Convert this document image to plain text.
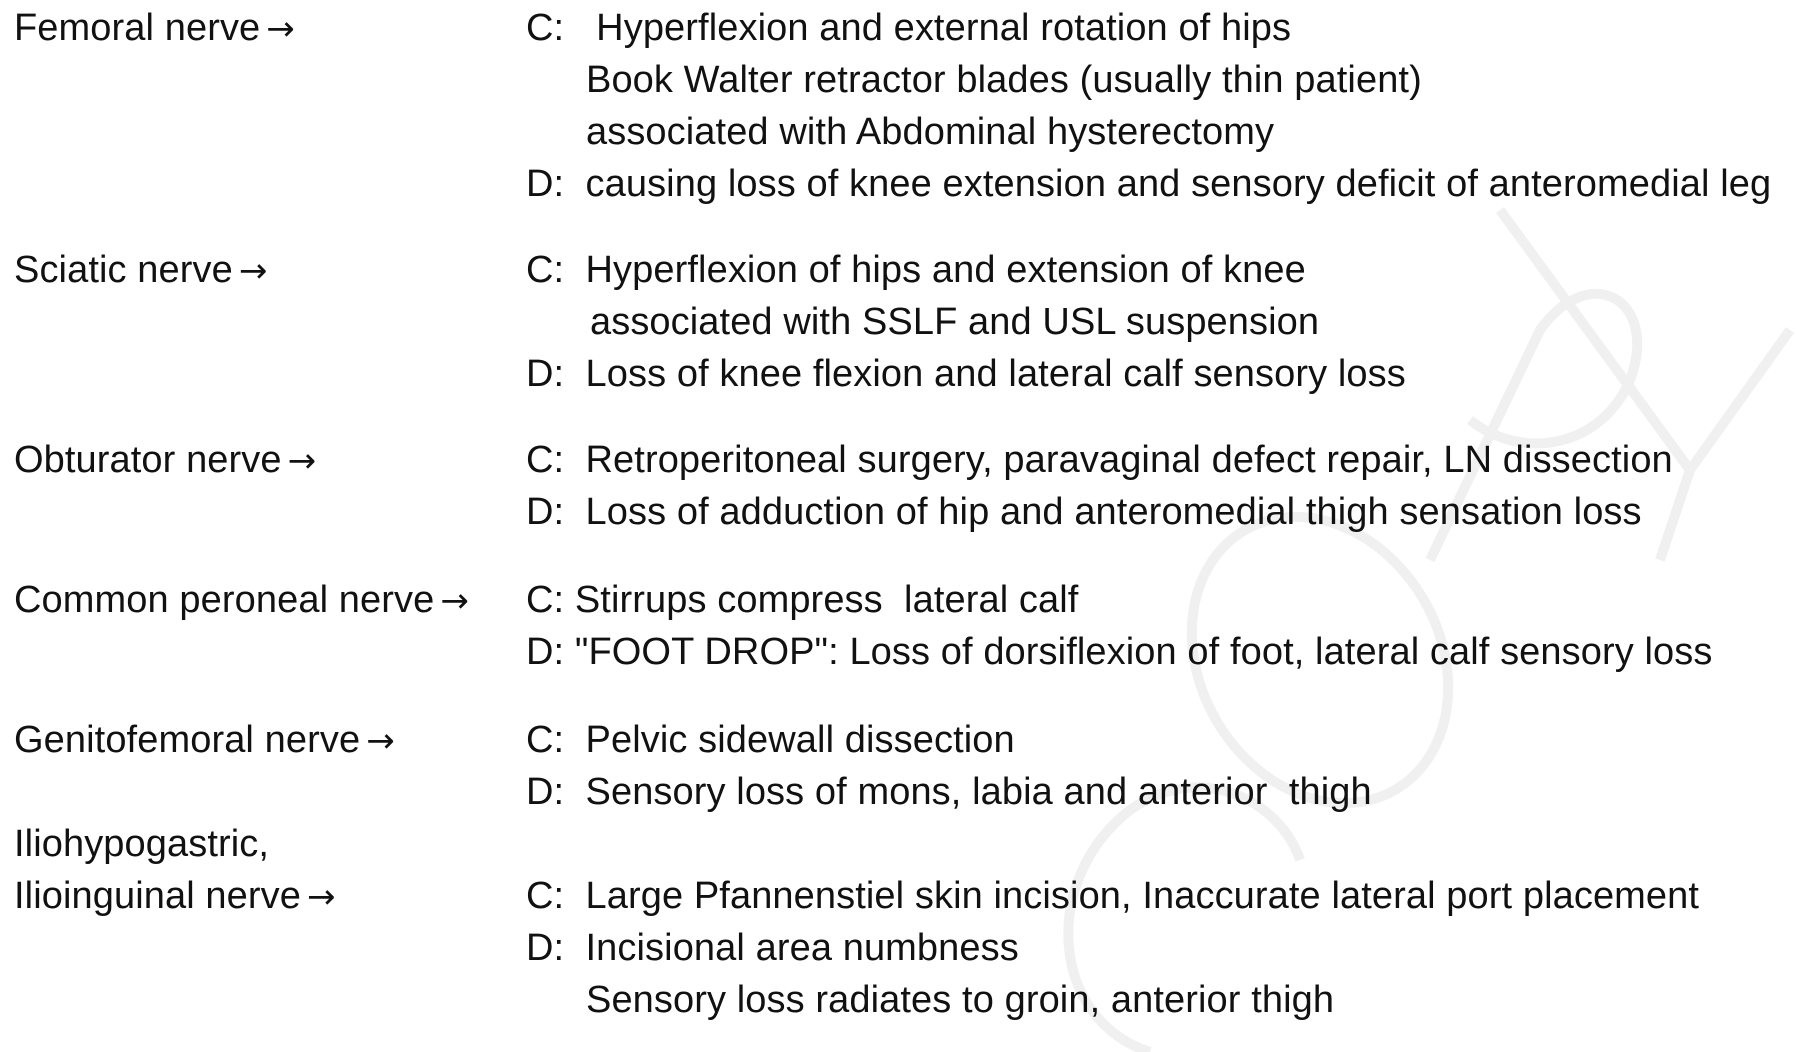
Femoral nerve →	C:   Hyperflexion and external rotation of hips
Book Walter retractor blades (usually thin patient)
associated with Abdominal hysterectomy
D:  causing loss of knee extension and sensory deficit of anteromedial leg
Sciatic nerve →	C:  Hyperflexion of hips and extension of knee
associated with SSLF and USL suspension
D:  Loss of knee flexion and lateral calf sensory loss
Obturator nerve →	C:  Retroperitoneal surgery, paravaginal defect repair, LN dissection
D:  Loss of adduction of hip and anteromedial thigh sensation loss
Common peroneal nerve → C: Stirrups compress  lateral calf
D: "FOOT DROP": Loss of dorsiflexion of foot, lateral calf sensory loss
Genitofemoral nerve →	C:  Pelvic sidewall dissection
D:  Sensory loss of mons, labia and anterior  thigh
Iliohypogastric,
Ilioinguinal nerve →	C:  Large Pfannenstiel skin incision, Inaccurate lateral port placement
D:  Incisional area numbness
Sensory loss radiates to groin, anterior thigh
